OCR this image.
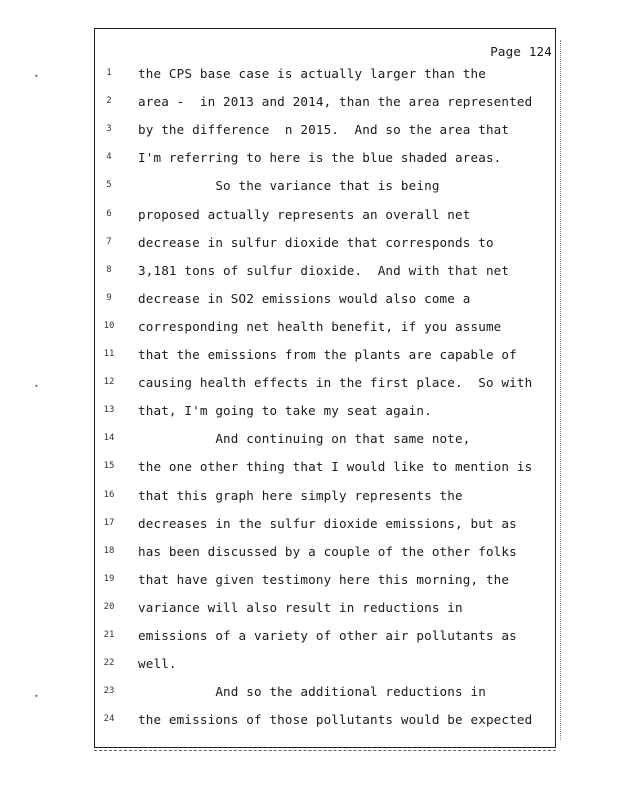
•
•
•
Page 124
1	the CPS base case is actually larger than the
2	area -  in 2013 and 2014, than the area represented
3	by the difference  n 2015.  And so the area that
4	I'm referring to here is the blue shaded areas.
5	So the variance that is being
6	proposed actually represents an overall net
7	decrease in sulfur dioxide that corresponds to
8	3,181 tons of sulfur dioxide.  And with that net
9	decrease in SO2 emissions would also come a
10	corresponding net health benefit, if you assume
11	that the emissions from the plants are capable of
12	causing health effects in the first place.  So with
13	that, I'm going to take my seat again.
14	And continuing on that same note,
15	the one other thing that I would like to mention is
16	that this graph here simply represents the
17	decreases in the sulfur dioxide emissions, but as
18	has been discussed by a couple of the other folks
19	that have given testimony here this morning, the
20	variance will also result in reductions in
21	emissions of a variety of other air pollutants as
22	well.
23	And so the additional reductions in
24	the emissions of those pollutants would be expected
